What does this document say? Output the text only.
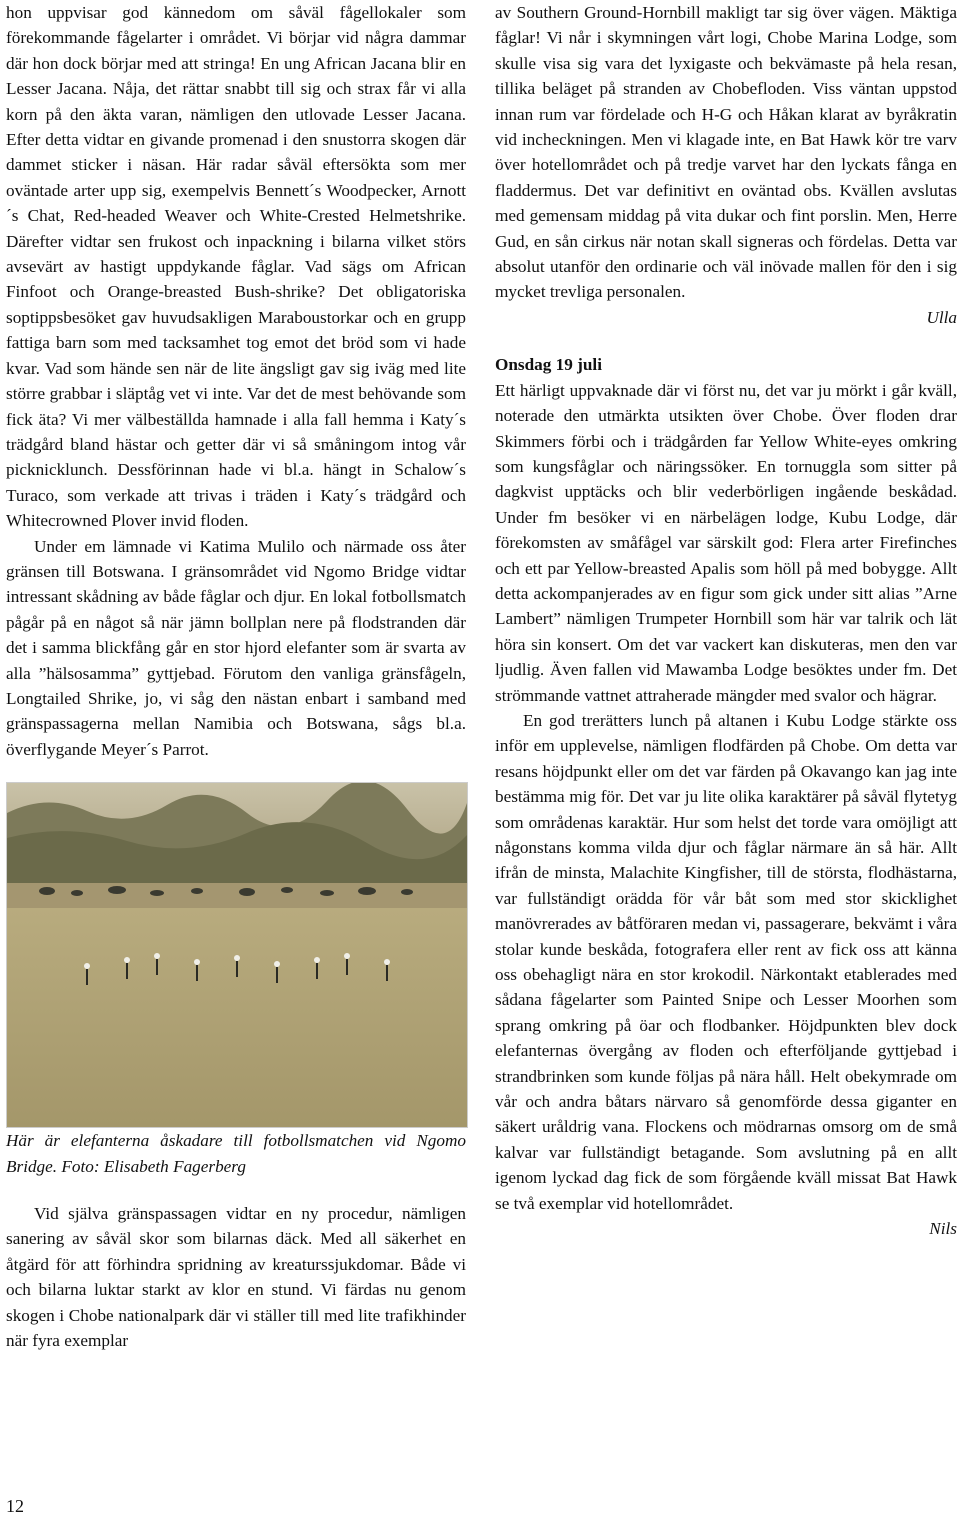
hon uppvisar god kännedom om såväl fågellokaler som förekommande fågelarter i området. Vi börjar vid några dammar där hon dock börjar med att stringa! En ung African Jacana blir en Lesser Jacana. Nåja, det rättar snabbt till sig och strax får vi alla korn på den äkta varan, nämligen den utlovade Lesser Jacana. Efter detta vidtar en givande promenad i den snustorra skogen där dammet sticker i näsan. Här radar såväl eftersökta som mer oväntade arter upp sig, exempelvis Bennett´s Woodpecker, Arnott´s Chat, Red-headed Weaver och White-Crested Helmetshrike. Därefter vidtar sen frukost och inpackning i bilarna vilket störs avsevärt av hastigt uppdykande fåglar. Vad sägs om African Finfoot och Orange-breasted Bush-shrike? Det obligatoriska soptippsbesöket gav huvudsakligen Maraboustorkar och en grupp fattiga barn som med tacksamhet tog emot det bröd som vi hade kvar. Vad som hände sen när de lite ängsligt gav sig iväg med lite större grabbar i släptåg vet vi inte. Var det de mest behövande som fick äta? Vi mer välbeställda hamnade i alla fall hemma i Katy´s trädgård bland hästar och getter där vi så småningom intog vår picknicklunch. Dessförinnan hade vi bl.a. hängt in Schalow´s Turaco, som verkade att trivas i träden i Katy´s trädgård och Whitecrowned Plover invid floden.

Under em lämnade vi Katima Mulilo och närmade oss åter gränsen till Botswana. I gränsområdet vid Ngomo Bridge vidtar intressant skådning av både fåglar och djur. En lokal fotbollsmatch pågår på en något så när jämn bollplan nere på flodstranden där det i samma blickfång går en stor hjord elefanter som är svarta av alla ”hälsosamma” gyttjebad. Förutom den vanliga gränsfågeln, Longtailed Shrike, jo, vi såg den nästan enbart i samband med gränspassagerna mellan Namibia och Botswana, sågs bl.a. överflygande Meyer´s Parrot.

Här är elefanterna åskadare till fotbollsmatchen vid Ngomo Bridge. Foto: Elisabeth Fagerberg

Vid själva gränspassagen vidtar en ny procedur, nämligen sanering av såväl skor som bilarnas däck. Med all säkerhet en åtgärd för att förhindra spridning av kreaturssjukdomar. Både vi och bilarna luktar starkt av klor en stund. Vi färdas nu genom skogen i Chobe nationalpark där vi ställer till med lite trafikhinder när fyra exemplar

av Southern Ground-Hornbill makligt tar sig över vägen. Mäktiga fåglar! Vi når i skymningen vårt logi, Chobe Marina Lodge, som skulle visa sig vara det lyxigaste och bekvämaste på hela resan, tillika beläget på stranden av Chobefloden. Viss väntan uppstod innan rum var fördelade och H-G och Håkan klarat av byråkratin vid incheckningen. Men vi klagade inte, en Bat Hawk kör tre varv över hotellområdet och på tredje varvet har den lyckats fånga en fladdermus. Det var definitivt en oväntad obs. Kvällen avslutas med gemensam middag på vita dukar och fint porslin. Men, Herre Gud, en sån cirkus när notan skall signeras och fördelas. Detta var absolut utanför den ordinarie och väl inövade mallen för den i sig mycket trevliga personalen.

Ulla

Onsdag 19 juli

Ett härligt uppvaknade där vi först nu, det var ju mörkt i går kväll, noterade den utmärkta utsikten över Chobe. Över floden drar Skimmers förbi och i trädgården far Yellow White-eyes omkring som kungsfåglar och näringssöker. En tornuggla som sitter på dagkvist upptäcks och blir vederbörligen ingående beskådad. Under fm besöker vi en närbelägen lodge, Kubu Lodge, där förekomsten av småfågel var särskilt god: Flera arter Firefinches och ett par Yellow-breasted Apalis som höll på med bobygge. Allt detta ackompanjerades av en figur som gick under sitt alias ”Arne Lambert” nämligen Trumpeter Hornbill som här var talrik och lät höra sin konsert. Om det var vackert kan diskuteras, men den var ljudlig. Även fallen vid Mawamba Lodge besöktes under fm. Det strömmande vattnet attraherade mängder med svalor och hägrar.

En god trerätters lunch på altanen i Kubu Lodge stärkte oss inför em upplevelse, nämligen flodfärden på Chobe. Om detta var resans höjdpunkt eller om det var färden på Okavango kan jag inte bestämma mig för. Det var ju lite olika karaktärer på såväl flytetyg som områdenas karaktär. Hur som helst det torde vara omöjligt att någonstans komma vilda djur och fåglar närmare än så här. Allt ifrån de minsta, Malachite Kingfisher, till de största, flodhästarna, var fullständigt oräddа för vår båt som med stor skicklighet manövrerades av båtföraren medan vi, passagerare, bekvämt i våra stolar kunde beskåda, fotografera eller rent av fick oss att känna oss obehagligt nära en stor krokodil. Närkontakt etablerades med sådana fågelarter som Painted Snipe och Lesser Moorhen som sprang omkring på öar och flodbanker. Höjdpunkten blev dock elefanternas övergång av floden och efterföljande gyttjebad i strandbrinken som kunde följas på nära håll. Helt obekymrade om vår och andra båtars närvaro så genomförde dessa giganter en säkert uråldrig vana. Flockens och mödrarnas omsorg om de små kalvar var fullständigt betagande. Som avslutning på en allt igenom lyckad dag fick de som förgående kväll missat Bat Hawk se två exemplar vid hotellområdet.

Nils

12
